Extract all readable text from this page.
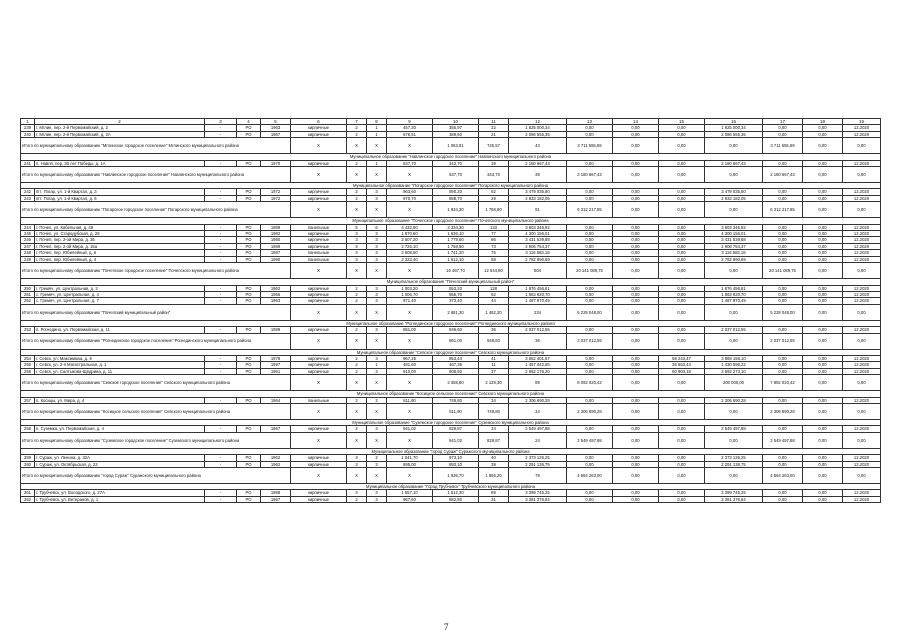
1	2	3	4	5	6	7	8	9	10	11	12	13	14	15	16	17	18	19	
239	г. Мглин, пер. 2-й Первомайский, д. 2	-	PO	1963	кирпичные	2	1	457,30	355,97	22	1 625 000,34	0,00	0,00	0,00	1 625 000,34	0,00	0,00	12.2020	
240	г. Мглин, пер. 2-й Первомайский, д. 2А	-	PO	1967	кирпичные	2	1	576,51	389,60	21	2 086 555,35	0,00	0,00	0,00	2 086 555,35	0,00	0,00	12.2020	
Итого по муниципальному образованию "Мглинское городское поселение" Мглинского муниципального района					X	X	X	X	1 063,81	745,57	43	3 711 555,69	0,00	0,00	0,00	3 711 555,69	0,00	0,00	
Муниципальное образование "Навлинское городское поселение" Навлинского муниципального района																			
241	п. Навля, пер. 30 лет Победы, д. 1А	-	PO	1970	кирпичные	2	1	537,70	343,70	39	2 180 667,43	0,00	0,00	0,00	2 180 667,43	0,00	0,00	12.2020	
Итого по муниципальному образованию "Навлинское городское поселение" Навлинского муниципального района					X	X	X	X	537,70	343,70	39	2 180 667,43	0,00	0,00	0,00	2 180 667,43	0,00	0,00	
Муниципальное образование "Погарское городское поселение" Погарского муниципального района																			
242	пгт. Погар, ул. 1-й Квартал, д. 3	-	PO	1972	кирпичные	2	3	963,60	890,20	62	3 479 035,80	0,00	0,00	0,00	3 479 035,80	0,00	0,00	12.2020	
243	пгт. Погар, ул. 1-й Квартал, д. 6	-	PO	1972	кирпичные	2	3	970,70	888,70	29	2 833 182,05	0,00	0,00	0,00	2 833 182,05	0,00	0,00	12.2020	
Итого по муниципальному образованию "Погарское городское поселение" Погарского муниципального района					X	X	X	X	1 934,30	1 768,90	91	6 312 217,85	0,00	0,00	0,00	6 312 217,85	0,00	0,00	
Муниципальное образование "Почепское городское поселение" Почепского муниципального района																			
244	г. Почеп, ул. Кабельная, д. 49	-	PO	1989	панельные	5	6	4 432,60	3 334,30	133	3 603 345,92	0,00	0,00	0,00	3 603 345,92	0,00	0,00	12.2020	
245	г. Почеп, ул. Стародубская, д. 26	-	PO	1982	кирпичные	3	3	1 870,60	1 636,10	77	4 300 156,01	0,00	0,00	0,00	4 300 156,01	0,00	0,00	12.2020	
246	г. Почеп, пер. 2-ой Мира, д. 35	-	PO	1980	кирпичные	3	3	2 507,20	1 779,60	86	3 431 539,88	0,00	0,00	0,00	3 431 539,88	0,00	0,00	12.2020	
247	г. Почеп, пер. 2-ой Мира, д. 15а	-	PO	1989	кирпичные	3	3	2 726,10	1 758,50	73	2 906 754,37	0,00	0,00	0,00	2 906 754,37	0,00	0,00	12.2020	
248	г. Почеп, пер. Юбилейный, д. 6	-	PO	1987	панельные	3	3	2 608,50	1 741,20	75	3 116 583,18	0,00	0,00	0,00	3 116 583,18	0,00	0,00	12.2020	
249	г. Почеп, пер. Юбилейный, д. 4	-	PO	1990	панельные	3	3	2 323,40	1 612,10	58	2 782 890,69	0,00	0,00	0,00	2 782 890,69	0,00	0,00	12.2020	
Итого по муниципальному образованию "Почепское городское поселение" Почепского муниципального района					X	X	X	X	16 467,70	12 544,80	504	20 141 089,75	0,00	0,00	0,00	20 141 089,75	0,00	0,00	
Муниципальное образование "Почепский муниципальный район"																			
250	г. Гремяч, ул. Центральная, д. 3	-	PO	1962	кирпичные	2	3	1 003,20	553,20	128	1 876 456,81	0,00	0,00	0,00	1 876 456,81	0,00	0,00	12.2020	
251	с. Гремяч, ул. Центральная, д. 4	-	PO	1956	кирпичные	2	3	1 006,70	555,70	62	1 863 620,70	0,00	0,00	0,00	1 863 620,70	0,00	0,00	12.2020	
252	с. Гремяч, ул. Центральная, д. 7	-	PO	1963	кирпичные	2	3	671,40	373,40	44	1 487 970,49	0,00	0,00	0,00	1 487 970,49	0,00	0,00	12.2020	
Итого по муниципальному образованию "Почепский муниципальный район"					X	X	X	X	2 681,30	1 482,30	234	5 228 048,00	0,00	0,00	0,00	5 228 048,00	0,00	0,00	
Муниципальное образование "Рогнединское городское поселение" Рогнединского муниципального района																			
253	п. Рогнедино, ул. Первомайская, д. 11	-	PO	1989	кирпичные	2	3	861,00	846,60	36	2 037 012,55	0,00	0,00	0,00	2 037 012,55	0,00	0,00	12.2020	
Итого по муниципальному образованию "Рогнединское городское поселение" Рогнединского муниципального района					X	X	X	X	861,00	846,60	36	2 037 012,55	0,00	0,00	0,00	2 037 012,55	0,00	0,00	
Муниципальное образование "Севское городское поселение" Севского муниципального района																			
254	г. Севск, ул. Максимюка, д. 6	-	PO	1978	кирпичные	2	3	967,25	853,44	41	3 862 401,57	0,00	0,00	58 243,47	3 869 158,10	0,00	0,00	12.2020	
255	г. Севск, ул. 2-я Магистральная, д. 1	-	PO	1997	кирпичные	2	1	481,60	467,36	11	1 457 442,65	0,00	0,00	36 653,43	1 430 596,22	0,00	0,00	12.2020	
256	г. Севск, ул. Салтыкова-Щедрина, д. 11	-	PO	1961	кирпичные	2	3	910,00	808,50	37	2 662 176,20	0,00	0,00	60 903,18	2 592 273,10	0,00	0,00	12.2020	
Итого по муниципальному образованию "Севское городское поселение" Севского муниципального района					X	X	X	X	2 358,80	2 129,30	89	8 092 020,42	0,00	0,00	200 000,00	7 892 020,42	0,00	0,00	
Муниципальное образование "Косицкое сельское поселение" Севского муниципального района																			
257	п. Косицы, ул. Мира, д. 4	-	PO	1964	панельные	2	2	811,90	749,80	34	2 306 690,28	0,00	0,00	0,00	2 306 690,28	0,00	0,00	12.2020	
Итого по муниципальному образованию "Косицкое сельское поселение" Севского муниципального района					X	X	X	X	811,90	749,80	34	2 306 690,28	0,00	0,00	0,00	2 306 690,28	0,00	0,00	
Муниципальное образование "Суземское городское поселение" Суземского муниципального района																			
258	п. Суземка, ул. Первомайская, д. 4	-	PO	1967	кирпичные	2	3	941,02	829,87	24	2 549 497,88	0,00	0,00	0,00	2 549 497,88	0,00	0,00	12.2020	
Итого по муниципальному образованию "Суземское городское поселение" Суземского муниципального района					X	X	X	X	941,02	829,87	24	2 549 497,88	0,00	0,00	0,00	2 549 497,88	0,00	0,00	
Муниципальное образование "город Сураж" Суражского муниципального района																			
259	г. Сураж, ул. Ленина, д. 32А	-	PO	1962	кирпичные	3	2	1 041,70	973,10	40	2 373 126,25	0,00	0,00	0,00	2 373 126,25	0,00	0,00	12.2020	
260	г. Сураж, ул. Октябрьская, д. 23	-	PO	1962	кирпичные	3	3	895,00	893,10	39	2 291 136,75	0,00	0,00	0,00	2 291 136,75	0,00	0,00	12.2020	
Итого по муниципальному образованию "город Сураж" Суражского муниципального района					X	X	X	X	1 936,70	1 866,20	79	4 664 263,00	0,00	0,00	0,00	4 664 263,00	0,00	0,00	
Муниципальное образование "Город Трубчевск" Трубчевского муниципального района																			
261	г. Трубчевск, ул. Володского, д. 27А	-	PO	1988	кирпичные	3	3	1 557,10	1 512,30	89	3 399 745,25	0,00	0,00	0,00	3 399 745,25	0,00	0,00	12.2020	
262	г. Трубчевск, ул. Ветеранов, д. 1	-	PO	1967	кирпичные	2	3	967,60	882,80	31	3 381 376,84	0,00	0,00	0,00	3 381 376,84	0,00	0,00	12.2020	
7
